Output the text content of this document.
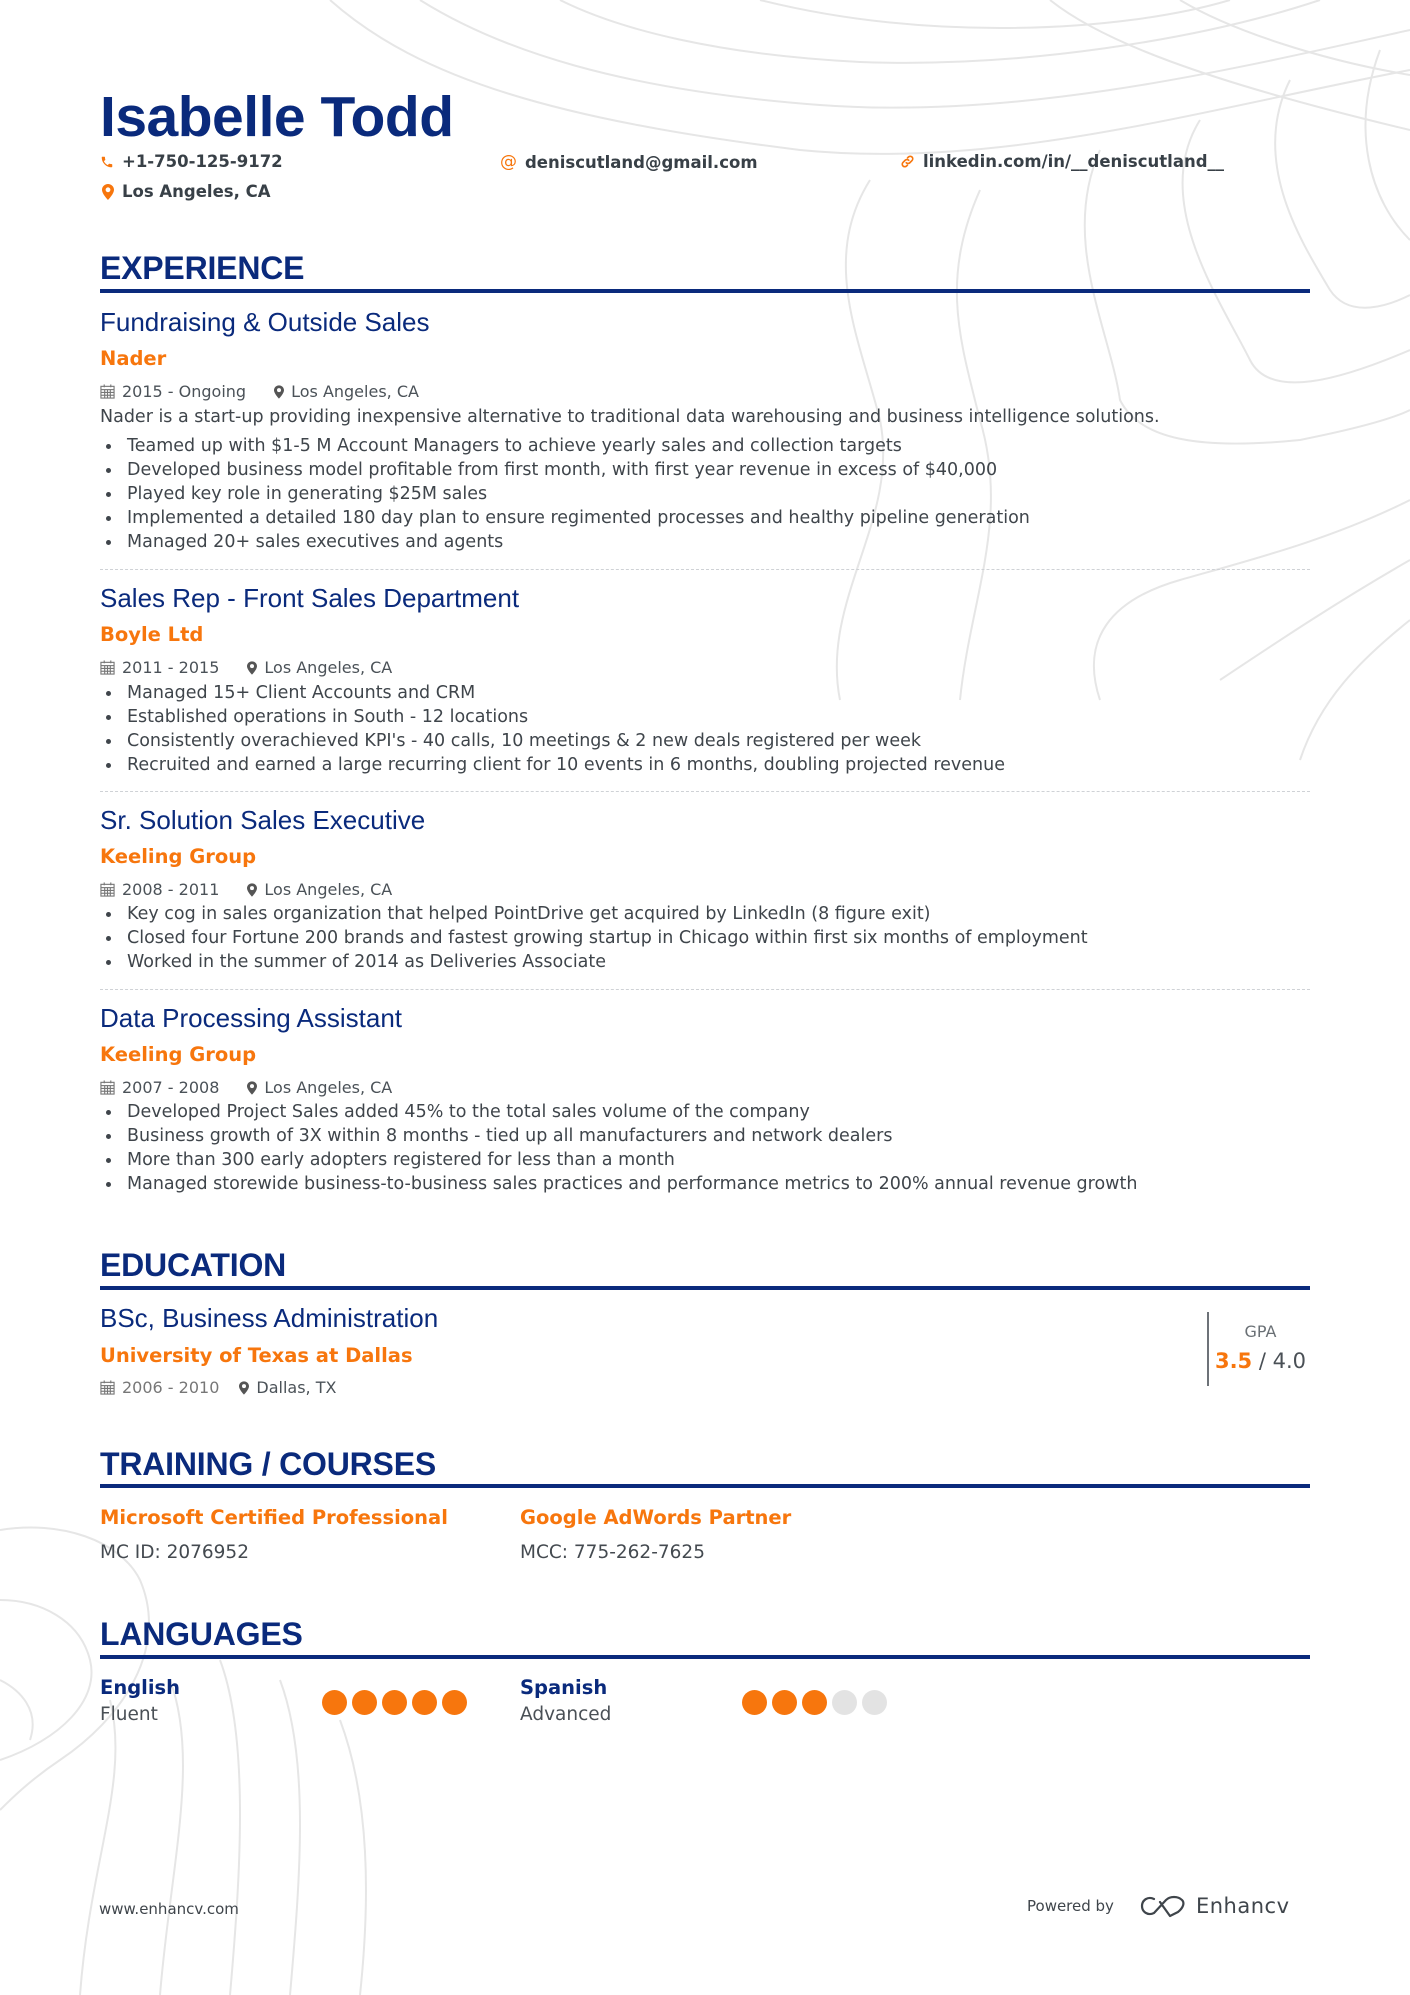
Isabelle Todd
+1-750-125-9172	@ deniscutland@gmail.com	linkedin.com/in/__deniscutland__
Los Angeles, CA
EXPERIENCE
Fundraising & Outside Sales
Nader
2015 - Ongoing	Los Angeles, CA
Nader is a start-up providing inexpensive alternative to traditional data warehousing and business intelligence solutions.
Teamed up with $1-5 M Account Managers to achieve yearly sales and collection targets
Developed business model profitable from first month, with first year revenue in excess of $40,000
Played key role in generating $25M sales
Implemented a detailed 180 day plan to ensure regimented processes and healthy pipeline generation
Managed 20+ sales executives and agents
Sales Rep - Front Sales Department
Boyle Ltd
2011 - 2015	Los Angeles, CA
Managed 15+ Client Accounts and CRM
Established operations in South - 12 locations
Consistently overachieved KPI's - 40 calls, 10 meetings & 2 new deals registered per week
Recruited and earned a large recurring client for 10 events in 6 months, doubling projected revenue
Sr. Solution Sales Executive
Keeling Group
2008 - 2011	Los Angeles, CA
Key cog in sales organization that helped PointDrive get acquired by LinkedIn (8 figure exit)
Closed four Fortune 200 brands and fastest growing startup in Chicago within first six months of employment
Worked in the summer of 2014 as Deliveries Associate
Data Processing Assistant
Keeling Group
2007 - 2008	Los Angeles, CA
Developed Project Sales added 45% to the total sales volume of the company
Business growth of 3X within 8 months - tied up all manufacturers and network dealers
More than 300 early adopters registered for less than a month
Managed storewide business-to-business sales practices and performance metrics to 200% annual revenue growth
EDUCATION
BSc, Business Administration
University of Texas at Dallas
2006 - 2010 Dallas, TX
GPA
3.5 / 4.0
TRAINING / COURSES
Microsoft Certified Professional
MC ID: 2076952
Google AdWords Partner
MCC: 775-262-7625
LANGUAGES
English
Fluent
Spanish
Advanced
www.enhancv.com	Powered by	Enhancv
